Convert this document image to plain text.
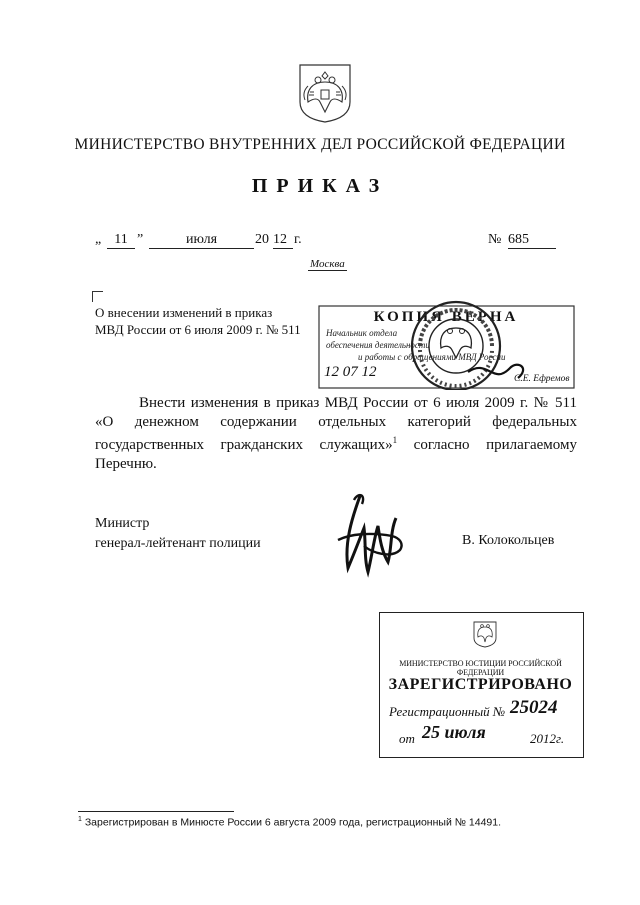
МИНИСТЕРСТВО ВНУТРЕННИХ ДЕЛ РОССИЙСКОЙ ФЕДЕРАЦИИ
ПРИКАЗ
„ 11 ”	июля	20 12 г.	№ 685
Москва
О внесении изменений в приказ
МВД России от 6 июля 2009 г. № 511
КОПИЯ ВЕРНА
Начальник отдела
обеспечения деятельности
и работы с обращениями МВД России
12 07 12	С.Е. Ефремов

Внести изменения в приказ МВД России от 6 июля 2009 г. № 511 «О денежном содержании отдельных категорий федеральных государственных гражданских служащих»$^1$ согласно прилагаемому Перечню.

Министр
генерал-лейтенант полиции	В. Колокольцев
МИНИСТЕРСТВО ЮСТИЦИИ РОССИЙСКОЙ ФЕДЕРАЦИИ
ЗАРЕГИСТРИРОВАНО
Регистрационный № 25024
от 25 июля	2012г.
$^1$ Зарегистрирован в Минюсте России 6 августа 2009 года, регистрационный № 14491.
